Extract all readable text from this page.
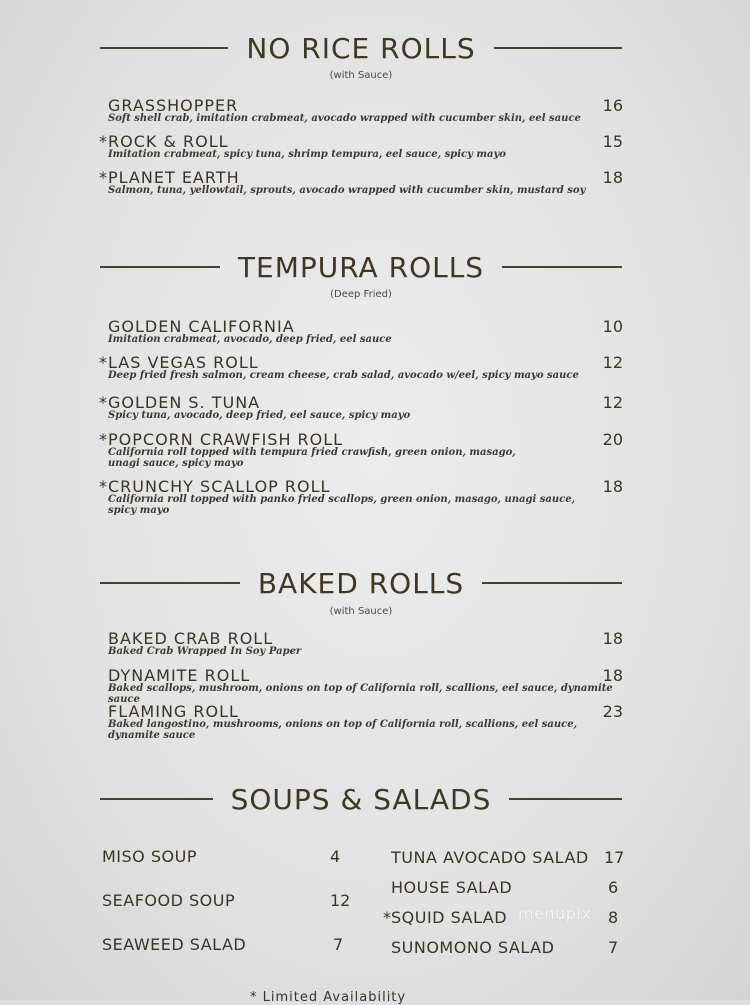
NO RICE ROLLS
(with Sauce)
GRASSHOPPER	16
Soft shell crab, imitation crabmeat, avocado wrapped with cucumber skin, eel sauce
*ROCK & ROLL	15
Imitation crabmeat, spicy tuna, shrimp tempura, eel sauce, spicy mayo
*PLANET EARTH	18
Salmon, tuna, yellowtail, sprouts, avocado wrapped with cucumber skin, mustard soy
TEMPURA ROLLS
(Deep Fried)
GOLDEN CALIFORNIA	10
Imitation crabmeat, avocado, deep fried, eel sauce
*LAS VEGAS ROLL	12
Deep fried fresh salmon, cream cheese, crab salad, avocado w/eel, spicy mayo sauce
*GOLDEN S. TUNA	12
Spicy tuna, avocado, deep fried, eel sauce, spicy mayo
*POPCORN CRAWFISH ROLL	20
California roll topped with tempura fried crawfish, green onion, masago, unagi sauce, spicy mayo
*CRUNCHY SCALLOP ROLL	18
California roll topped with panko fried scallops, green onion, masago, unagi sauce, spicy mayo
BAKED ROLLS
(with Sauce)
BAKED CRAB ROLL	18
Baked Crab Wrapped In Soy Paper
DYNAMITE ROLL	18
Baked scallops, mushroom, onions on top of California roll, scallions, eel sauce, dynamite sauce
FLAMING ROLL	23
Baked langostino, mushrooms, onions on top of California roll, scallions, eel sauce, dynamite sauce
SOUPS & SALADS
MISO SOUP	4
SEAFOOD SOUP	12
SEAWEED SALAD	7
TUNA AVOCADO SALAD 17
HOUSE SALAD	6
*SQUID SALAD	8
SUNOMONO SALAD	7
menupix
* Limited Availability
